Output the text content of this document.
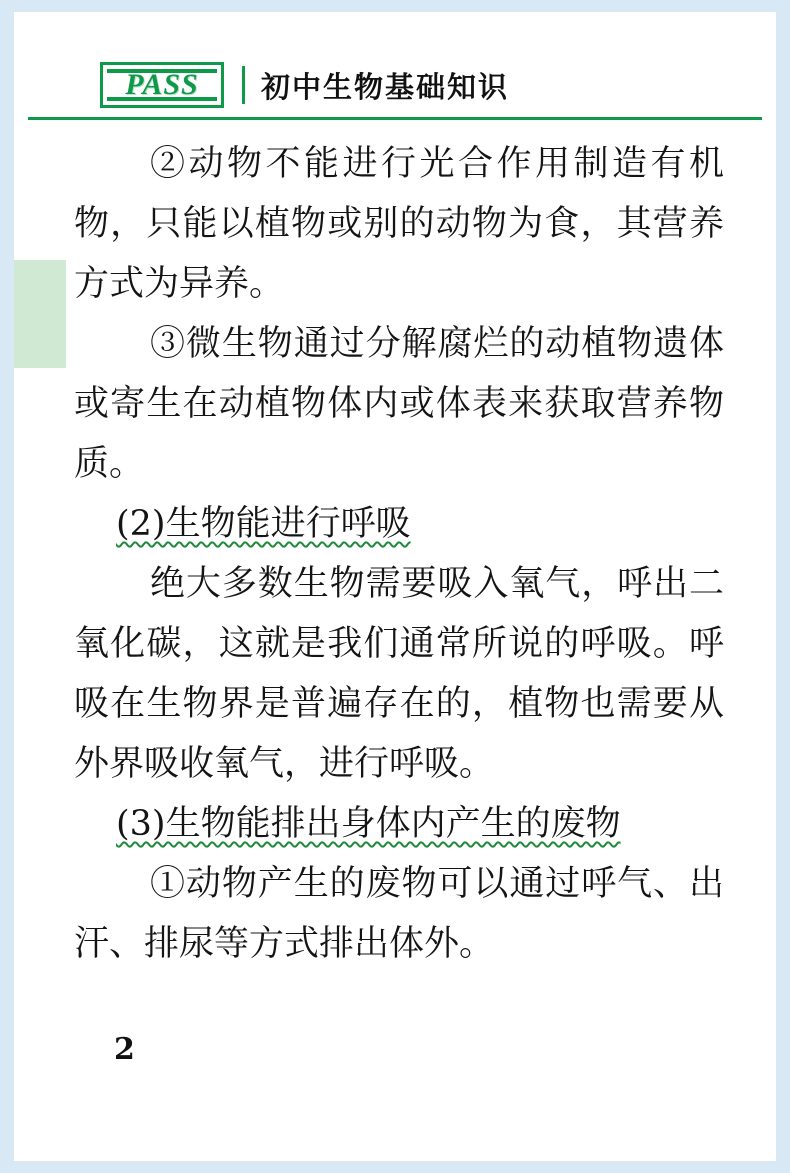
PASS 初中生物基础知识

②动物不能进行光合作用制造有机物，只能以植物或别的动物为食，其营养方式为异养。

③微生物通过分解腐烂的动植物遗体或寄生在动植物体内或体表来获取营养物质。

(2)生物能进行呼吸

绝大多数生物需要吸入氧气，呼出二氧化碳，这就是我们通常所说的呼吸。呼吸在生物界是普遍存在的，植物也需要从外界吸收氧气，进行呼吸。

(3)生物能排出身体内产生的废物

①动物产生的废物可以通过呼气、出汗、排尿等方式排出体外。

2
